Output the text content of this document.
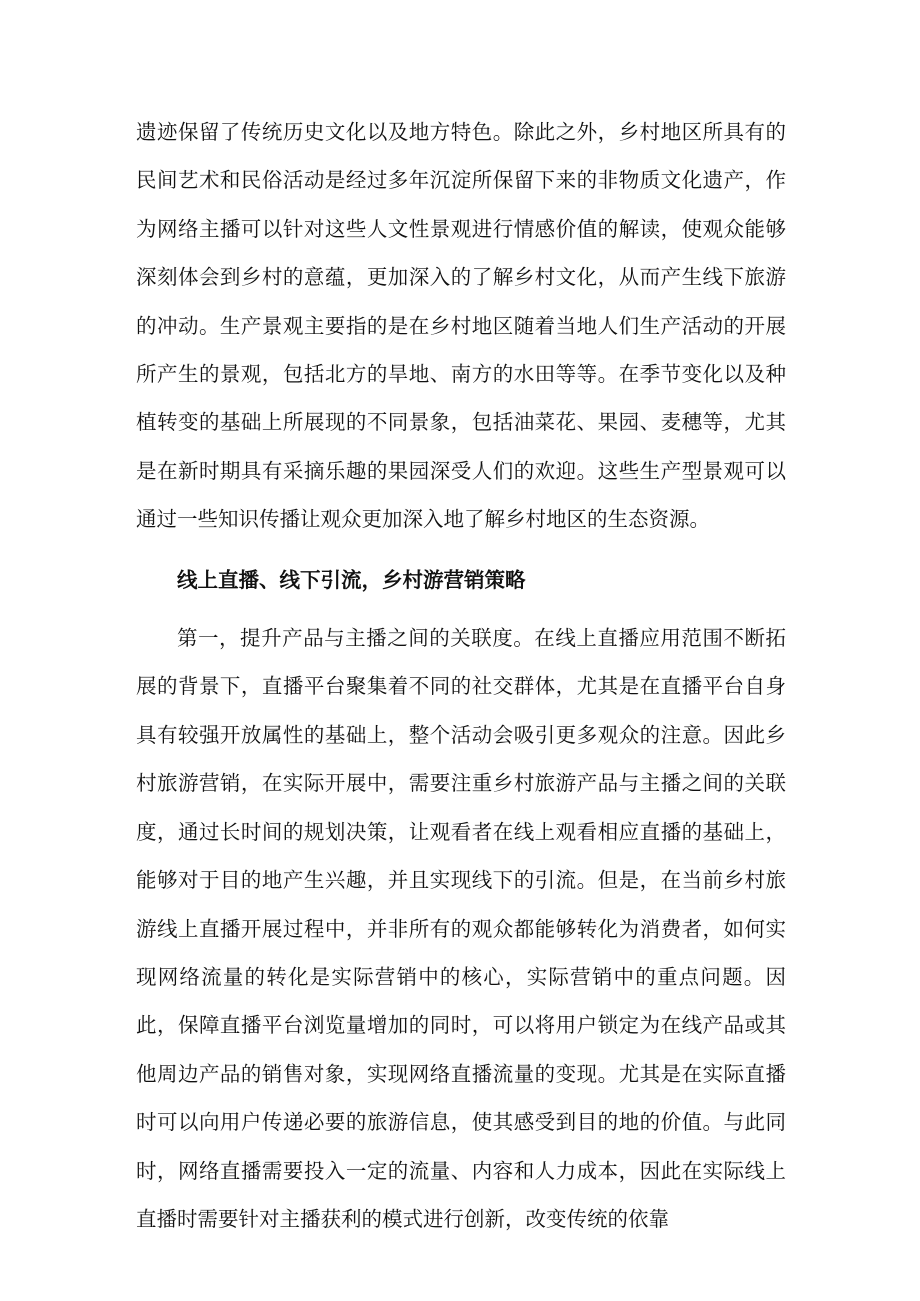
遗迹保留了传统历史文化以及地方特色。除此之外，乡村地区所具有的民间艺术和民俗活动是经过多年沉淀所保留下来的非物质文化遗产，作为网络主播可以针对这些人文性景观进行情感价值的解读，使观众能够深刻体会到乡村的意蕴，更加深入的了解乡村文化，从而产生线下旅游的冲动。生产景观主要指的是在乡村地区随着当地人们生产活动的开展所产生的景观，包括北方的旱地、南方的水田等等。在季节变化以及种植转变的基础上所展现的不同景象，包括油菜花、果园、麦穗等，尤其是在新时期具有采摘乐趣的果园深受人们的欢迎。这些生产型景观可以通过一些知识传播让观众更加深入地了解乡村地区的生态资源。

线上直播、线下引流，乡村游营销策略

第一，提升产品与主播之间的关联度。在线上直播应用范围不断拓展的背景下，直播平台聚集着不同的社交群体，尤其是在直播平台自身具有较强开放属性的基础上，整个活动会吸引更多观众的注意。因此乡村旅游营销，在实际开展中，需要注重乡村旅游产品与主播之间的关联度，通过长时间的规划决策，让观看者在线上观看相应直播的基础上，能够对于目的地产生兴趣，并且实现线下的引流。但是，在当前乡村旅游线上直播开展过程中，并非所有的观众都能够转化为消费者，如何实现网络流量的转化是实际营销中的核心，实际营销中的重点问题。因此，保障直播平台浏览量增加的同时，可以将用户锁定为在线产品或其他周边产品的销售对象，实现网络直播流量的变现。尤其是在实际直播时可以向用户传递必要的旅游信息，使其感受到目的地的价值。与此同时，网络直播需要投入一定的流量、内容和人力成本，因此在实际线上直播时需要针对主播获利的模式进行创新，改变传统的依靠
